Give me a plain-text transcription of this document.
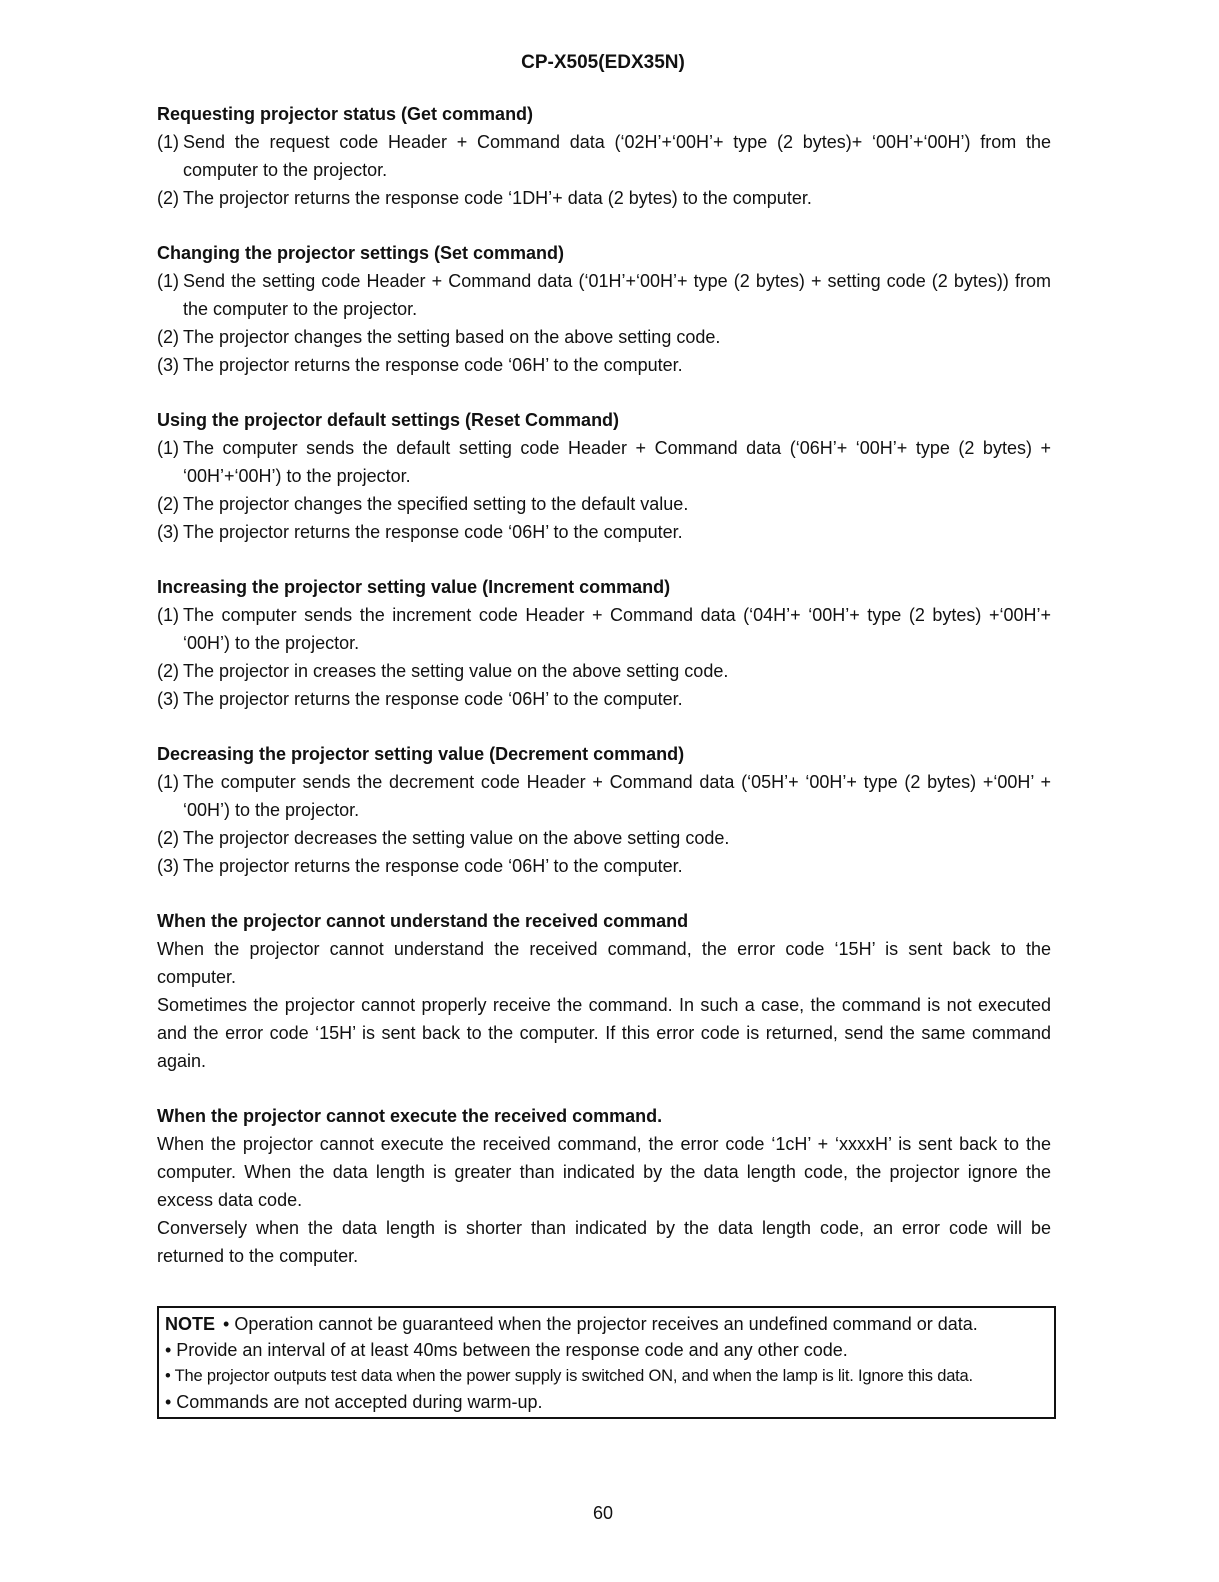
CP-X505(EDX35N)
Requesting projector status (Get command)
(1) Send the request code Header + Command data (‘02H’+‘00H’+ type (2 bytes)+ ‘00H’+‘00H’) from the computer to the projector.
(2) The projector returns the response code ‘1DH’+ data (2 bytes) to the computer.
Changing the projector settings (Set command)
(1) Send the setting code Header + Command data (‘01H’+‘00H’+ type (2 bytes) + setting code (2 bytes)) from the computer to the projector.
(2) The projector changes the setting based on the above setting code.
(3) The projector returns the response code ‘06H’ to the computer.
Using the projector default settings (Reset Command)
(1) The computer sends the default setting code Header + Command data (‘06H’+ ‘00H’+ type (2 bytes) + ‘00H’+‘00H’) to the projector.
(2) The projector changes the specified setting to the default value.
(3) The projector returns the response code ‘06H’ to the computer.
Increasing the projector setting value (Increment command)
(1) The computer sends the increment code Header + Command data (‘04H’+ ‘00H’+ type (2 bytes) +‘00H’+ ‘00H’) to the projector.
(2) The projector in creases the setting value on the above setting code.
(3) The projector returns the response code ‘06H’ to the computer.
Decreasing the projector setting value (Decrement command)
(1) The computer sends the decrement code Header + Command data (‘05H’+ ‘00H’+ type (2 bytes) +‘00H’ + ‘00H’) to the projector.
(2) The projector decreases the setting value on the above setting code.
(3) The projector returns the response code ‘06H’ to the computer.
When the projector cannot understand the received command
When the projector cannot understand the received command, the error code ‘15H’ is sent back to the computer.
Sometimes the projector cannot properly receive the command. In such a case, the command is not executed and the error code ‘15H’ is sent back to the computer. If this error code is returned, send the same command again.
When the projector cannot execute the received command.
When the projector cannot execute the received command, the error code ‘1cH’ + ‘xxxxH’ is sent back to the computer. When the data length is greater than indicated by the data length code, the projector ignore the excess data code.
Conversely when the data length is shorter than indicated by the data length code, an error code will be returned to the computer.
NOTE • Operation cannot be guaranteed when the projector receives an undefined command or data.
• Provide an interval of at least 40ms between the response code and any other code.
• The projector outputs test data when the power supply is switched ON, and when the lamp is lit. Ignore this data.
• Commands are not accepted during warm-up.
60
